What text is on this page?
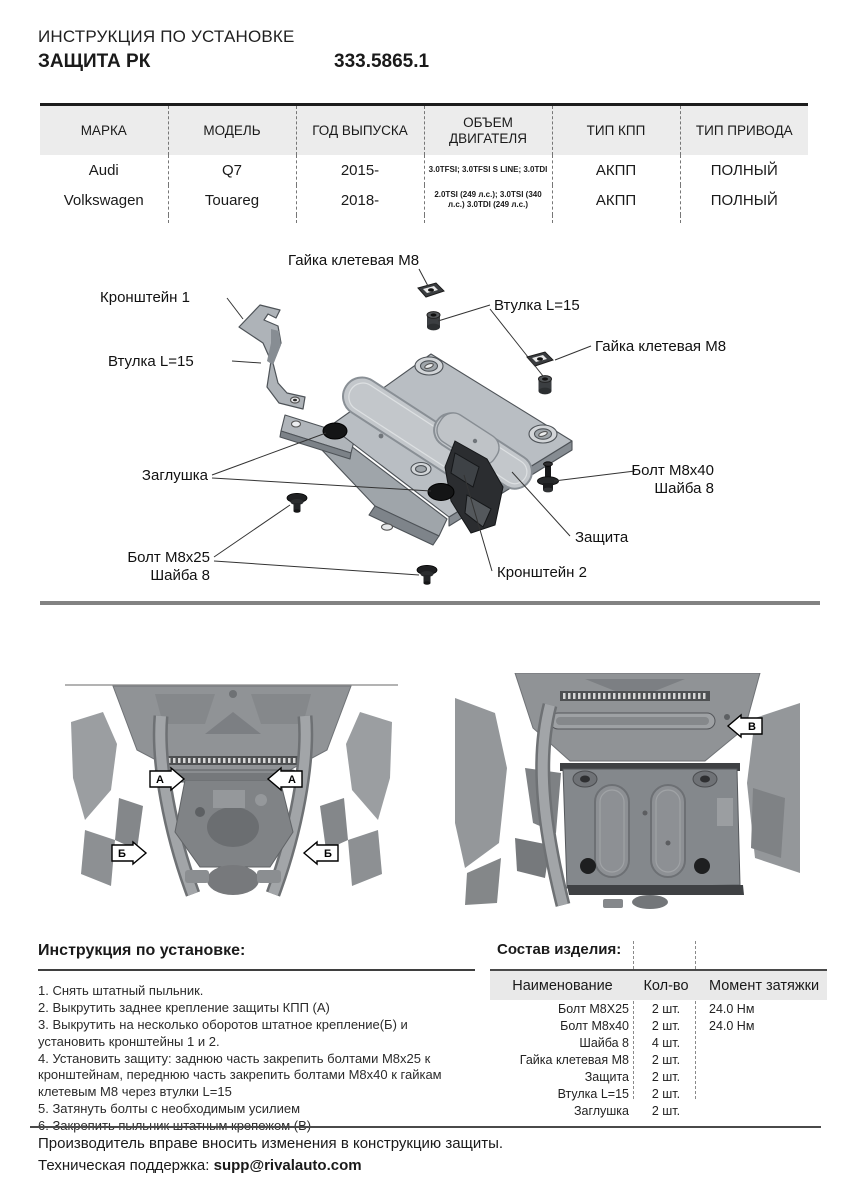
ИНСТРУКЦИЯ ПО УСТАНОВКЕ
ЗАЩИТА РК	333.5865.1
МАРКА	МОДЕЛЬ	ГОД ВЫПУСКА	ОБЪЕМ ДВИГАТЕЛЯ	ТИП КПП	ТИП ПРИВОДА
Audi	Q7	2015-	3.0TFSI; 3.0TFSI S LINE; 3.0TDI	АКПП	ПОЛНЫЙ
Volkswagen	Touareg	2018-	2.0TSI (249 л.с.); 3.0TSI (340 л.с.) 3.0TDI (249 л.с.)	АКПП	ПОЛНЫЙ

Гайка клетевая М8
Кронштейн 1
Втулка L=15
Втулка L=15
Гайка клетевая М8
Заглушка
Болт М8х25
Шайба 8
Болт М8х40
Шайба 8
Защита
Кронштейн 2
А	А
Б	Б
В
Инструкция по установке:
1. Снять штатный пыльник.
2. Выкрутить заднее крепление защиты КПП (А)
3. Выкрутить на несколько оборотов штатное крепление(Б) и установить кронштейны 1 и 2.
4. Установить защиту: заднюю часть закрепить болтами М8х25 к кронштейнам, переднюю часть закрепить болтами М8х40 к гайкам клетевым М8 через втулки L=15
5. Затянуть болты с необходимым усилием
Состав изделия:
Наименование	Кол-во	Момент затяжки
Болт M8X25	2 шт.	24.0 Нм
Болт M8x40	2 шт.	24.0 Нм
Шайба 8	4 шт.	
Гайка клетевая М8	2 шт.	
Защита	2 шт.	
Втулка L=15	2 шт.	
Заглушка	2 шт.	
Производитель вправе вносить изменения в конструкцию защиты.
Техническая поддержка: supp@rivalauto.com
